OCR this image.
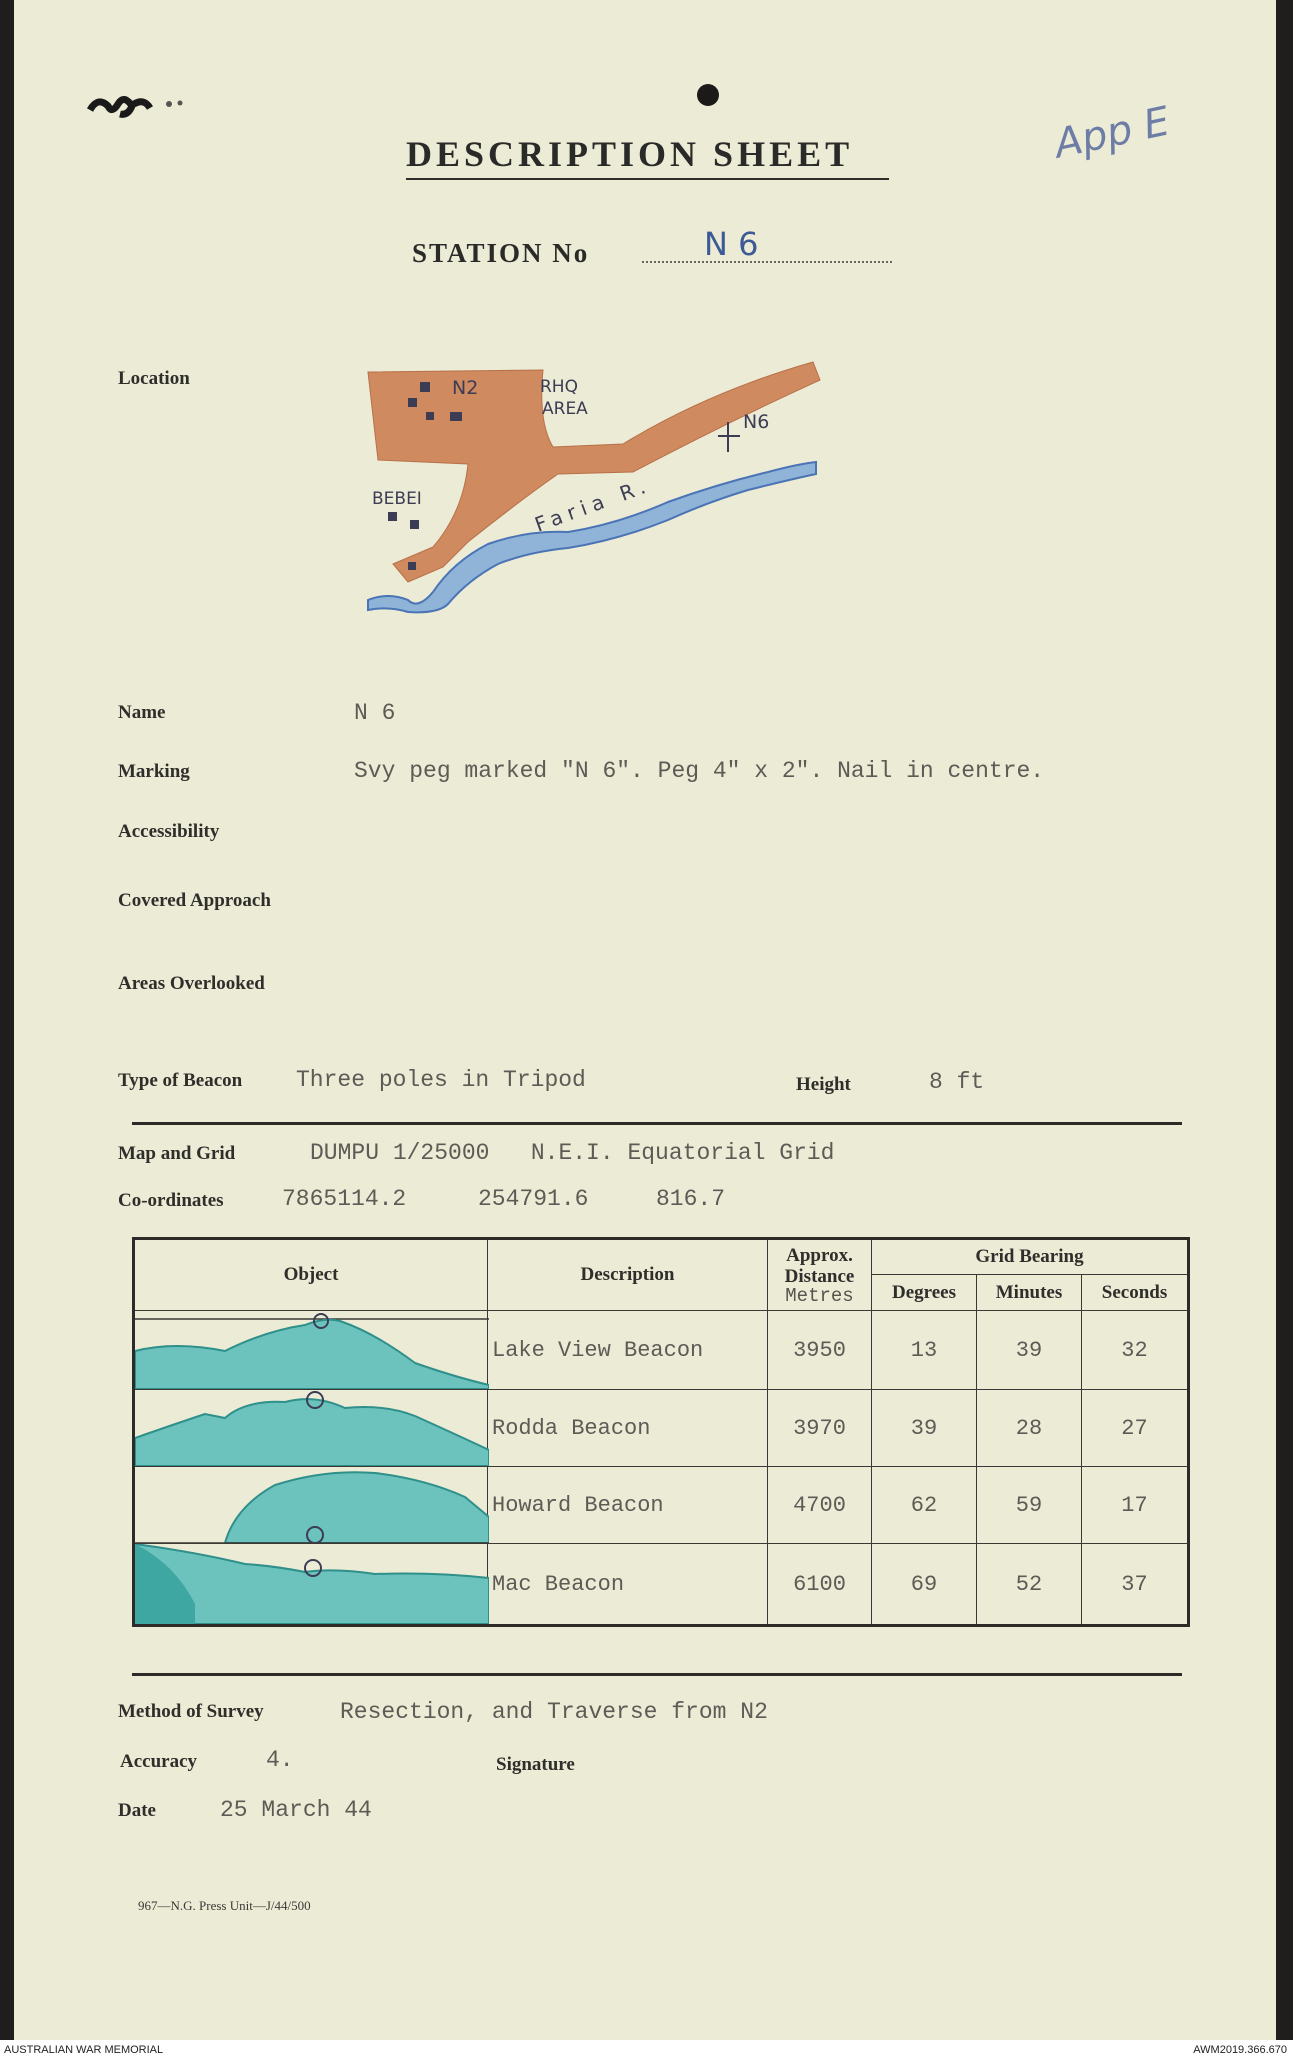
App E
DESCRIPTION SHEET
STATION No	N 6
Location	N2	RHQ
AREA
N6
BEBEI	Faria R.
Name	N 6
Marking	Svy peg marked "N 6". Peg 4" x 2". Nail in centre.
Accessibility
Covered Approach
Areas Overlooked
Type of Beacon Three poles in Tripod	Height	8 ft
Map and Grid	DUMPU 1/25000   N.E.I. Equatorial Grid
Co-ordinates	7865114.2	254791.6	816.7
Object	Description	Approx.
Distance
Metres	Grid Bearing		
			Degrees	Minutes	Seconds

	Lake View Beacon	3950	13	39	32

	Rodda Beacon	3970	39	28	27

	Howard Beacon	4700	62	59	17

	Mac Beacon	6100	69	52	37
Method of Survey	Resection, and Traverse from N2
Accuracy	4.	Signature
Date	25 March 44
967—N.G. Press Unit—J/44/500
AUSTRALIAN WAR MEMORIAL	AWM2019.366.670
